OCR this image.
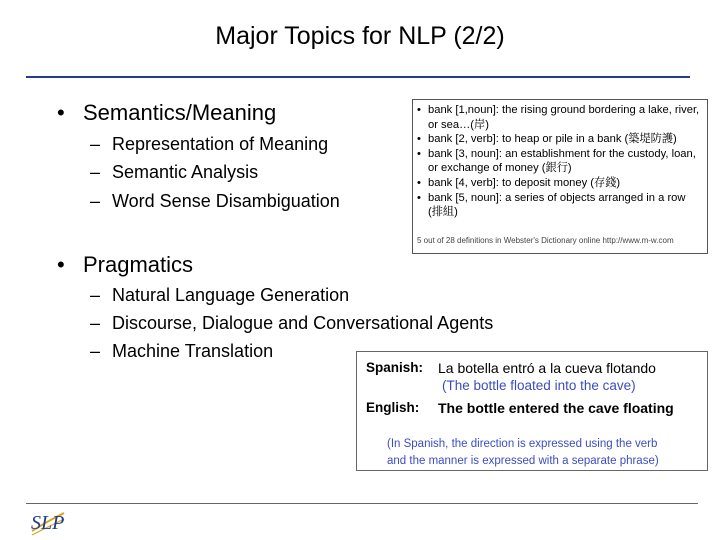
Major Topics for NLP (2/2)
• Semantics/Meaning
– Representation of Meaning
– Semantic Analysis
– Word Sense Disambiguation
• Pragmatics
– Natural Language Generation
– Discourse, Dialogue and Conversational Agents
– Machine Translation
• bank [1,noun]: the rising ground bordering a lake, river, or sea…(岸)
• bank [2, verb]: to heap or pile in a bank (築堤防護)
• bank [3, noun]: an establishment for the custody, loan, or exchange of money (銀行)
• bank [4, verb]: to deposit money (存錢)
• bank [5, noun]: a series of objects arranged in a row (排組)
5 out of 28 definitions in Webster's Dictionary online http://www.m-w.com
Spanish: La botella entró a la cueva flotando
(The bottle floated into the cave)
English: The bottle entered the cave floating
(In Spanish, the direction is expressed using the verb
and the manner is expressed with a separate phrase)
SLP
